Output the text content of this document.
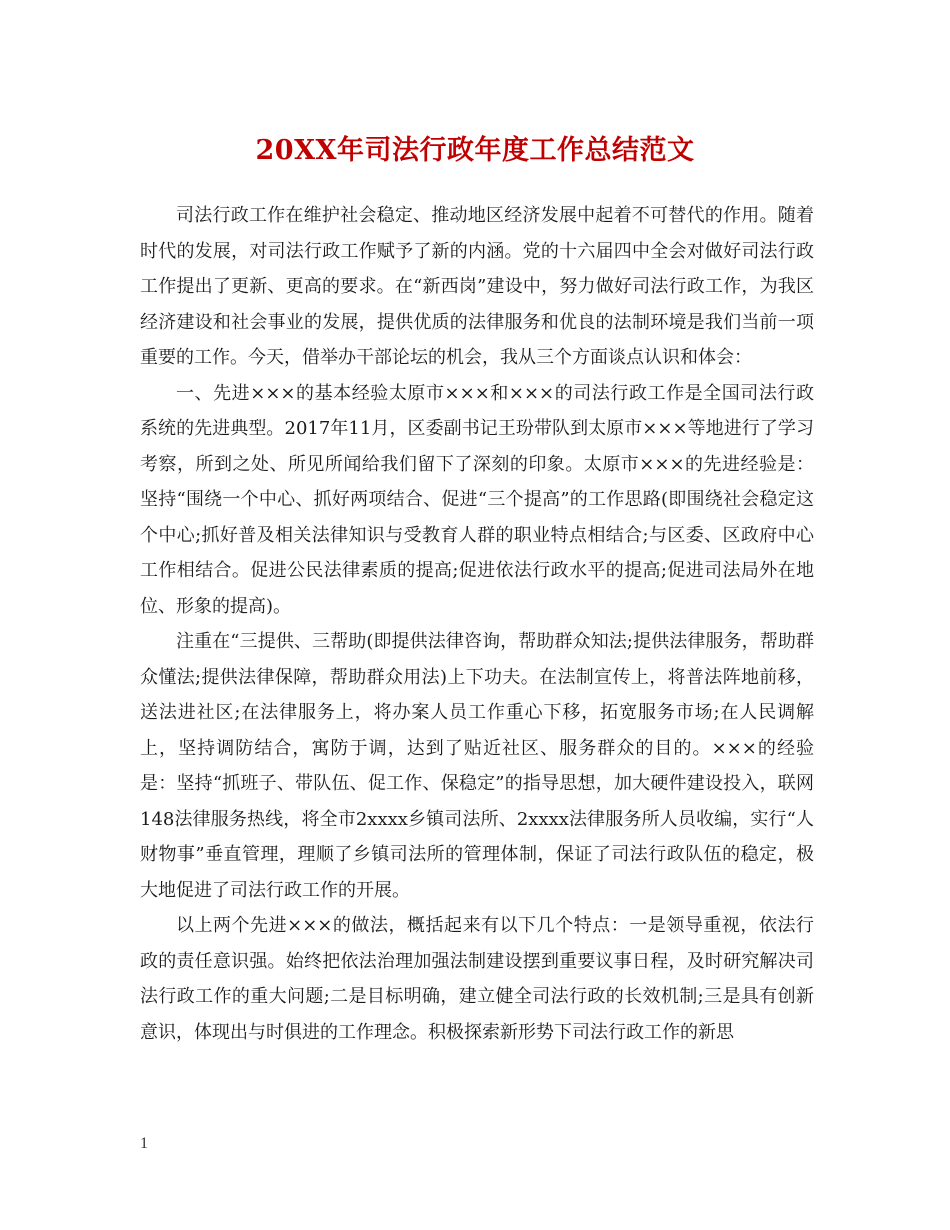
20XX年司法行政年度工作总结范文

司法行政工作在维护社会稳定、推动地区经济发展中起着不可替代的作用。随着时代的发展，对司法行政工作赋予了新的内涵。党的十六届四中全会对做好司法行政工作提出了更新、更高的要求。在“新西岗”建设中，努力做好司法行政工作，为我区经济建设和社会事业的发展，提供优质的法律服务和优良的法制环境是我们当前一项重要的工作。今天，借举办干部论坛的机会，我从三个方面谈点认识和体会：

一、先进×××的基本经验太原市×××和×××的司法行政工作是全国司法行政系统的先进典型。2017年11月，区委副书记王玢带队到太原市×××等地进行了学习考察，所到之处、所见所闻给我们留下了深刻的印象。太原市×××的先进经验是：坚持“围绕一个中心、抓好两项结合、促进“三个提高”的工作思路(即围绕社会稳定这个中心;抓好普及相关法律知识与受教育人群的职业特点相结合;与区委、区政府中心工作相结合。促进公民法律素质的提高;促进依法行政水平的提高;促进司法局外在地位、形象的提高)。

注重在“三提供、三帮助(即提供法律咨询，帮助群众知法;提供法律服务，帮助群众懂法;提供法律保障，帮助群众用法)上下功夫。在法制宣传上，将普法阵地前移，送法进社区;在法律服务上，将办案人员工作重心下移，拓宽服务市场;在人民调解上，坚持调防结合，寓防于调，达到了贴近社区、服务群众的目的。×××的经验是：坚持“抓班子、带队伍、促工作、保稳定”的指导思想，加大硬件建设投入，联网148法律服务热线，将全市2xxxx乡镇司法所、2xxxx法律服务所人员收编，实行“人财物事”垂直管理，理顺了乡镇司法所的管理体制，保证了司法行政队伍的稳定，极大地促进了司法行政工作的开展。

以上两个先进×××的做法，概括起来有以下几个特点：一是领导重视，依法行政的责任意识强。始终把依法治理加强法制建设摆到重要议事日程，及时研究解决司法行政工作的重大问题;二是目标明确，建立健全司法行政的长效机制;三是具有创新意识，体现出与时俱进的工作理念。积极探索新形势下司法行政工作的新思

1
